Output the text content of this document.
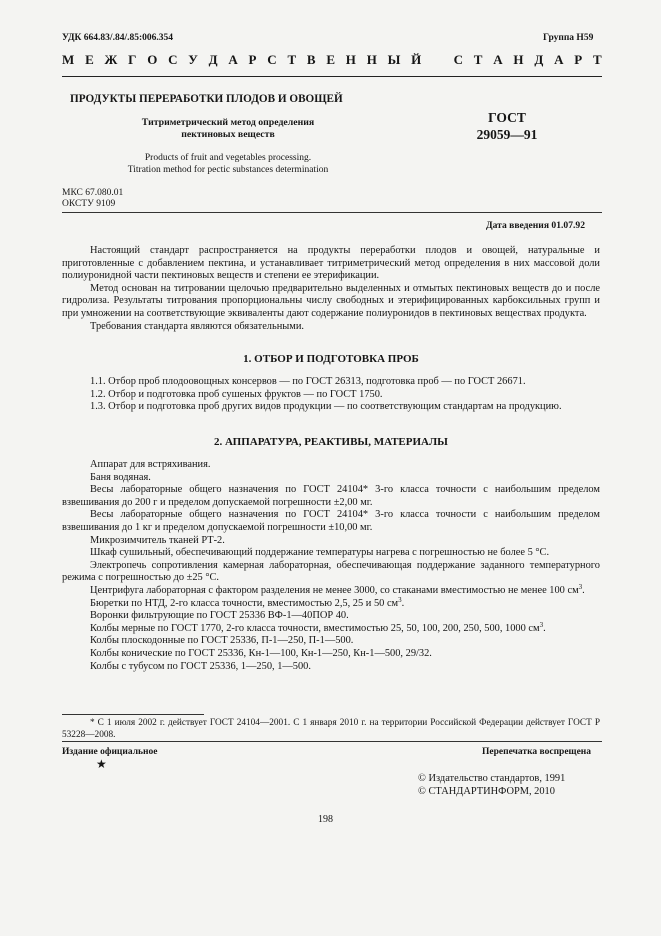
УДК 664.83/.84/.85:006.354	Группа Н59
М Е Ж Г О С У Д А Р С Т В Е Н Н Ы Й С Т А Н Д А Р Т
ПРОДУКТЫ ПЕРЕРАБОТКИ ПЛОДОВ И ОВОЩЕЙ
Титриметрический метод определения
пектиновых веществ
ГОСТ
29059—91
Products of fruit and vegetables processing.
Titration method for pectic substances determination
МКС 67.080.01
ОКСТУ 9109
Дата введения 01.07.92

Настоящий стандарт распространяется на продукты переработки плодов и овощей, натуральные и приготовленные с добавлением пектина, и устанавливает титриметрический метод определения в них массовой доли полиуронидной части пектиновых веществ и степени ее этерификации.

Метод основан на титровании щелочью предварительно выделенных и отмытых пектиновых веществ до и после гидролиза. Результаты титрования пропорциональны числу свободных и этерифицированных карбоксильных групп и при умножении на соответствующие эквиваленты дают содержание полиуронидов в пектиновых веществах продукта.

Требования стандарта являются обязательными.

1. ОТБОР И ПОДГОТОВКА ПРОБ

1.1. Отбор проб плодоовощных консервов — по ГОСТ 26313, подготовка проб — по ГОСТ 26671.

1.2. Отбор и подготовка проб сушеных фруктов — по ГОСТ 1750.

1.3. Отбор и подготовка проб других видов продукции — по соответствующим стандартам на продукцию.

2. АППАРАТУРА, РЕАКТИВЫ, МАТЕРИАЛЫ

Аппарат для встряхивания.

Баня водяная.

Весы лабораторные общего назначения по ГОСТ 24104* 3-го класса точности с наибольшим пределом взвешивания до 200 г и пределом допускаемой погрешности ±2,00 мг.

Весы лабораторные общего назначения по ГОСТ 24104* 3-го класса точности с наибольшим пределом взвешивания до 1 кг и пределом допускаемой погрешности ±10,00 мг.

Микрозимчитель тканей РТ-2.

Шкаф сушильный, обеспечивающий поддержание температуры нагрева с погрешностью не более 5 °С.

Электропечь сопротивления камерная лабораторная, обеспечивающая поддержание заданного температурного режима с погрешностью до ±25 °С.

Центрифуга лабораторная с фактором разделения не менее 3000, со стаканами вместимостью не менее 100 $см^3$.

Бюретки по НТД, 2-го класса точности, вместимостью 2,5, 25 и 50 $см^3$.

Воронки фильтрующие по ГОСТ 25336 ВФ-1—40ПОР 40.

Колбы мерные по ГОСТ 1770, 2-го класса точности, вместимостью 25, 50, 100, 200, 250, 500, 1000 $см^3$.

Колбы плоскодонные по ГОСТ 25336, П-1—250, П-1—500.

Колбы конические по ГОСТ 25336, Кн-1—100, Кн-1—250, Кн-1—500, 29/32.

Колбы с тубусом по ГОСТ 25336, 1—250, 1—500.

* С 1 июля 2002 г. действует ГОСТ 24104—2001. С 1 января 2010 г. на территории Российской Федерации действует ГОСТ Р 53228—2008.
Издание официальное	Перепечатка воспрещена
★
© Издательство стандартов, 1991
© СТАНДАРТИНФОРМ, 2010
198
